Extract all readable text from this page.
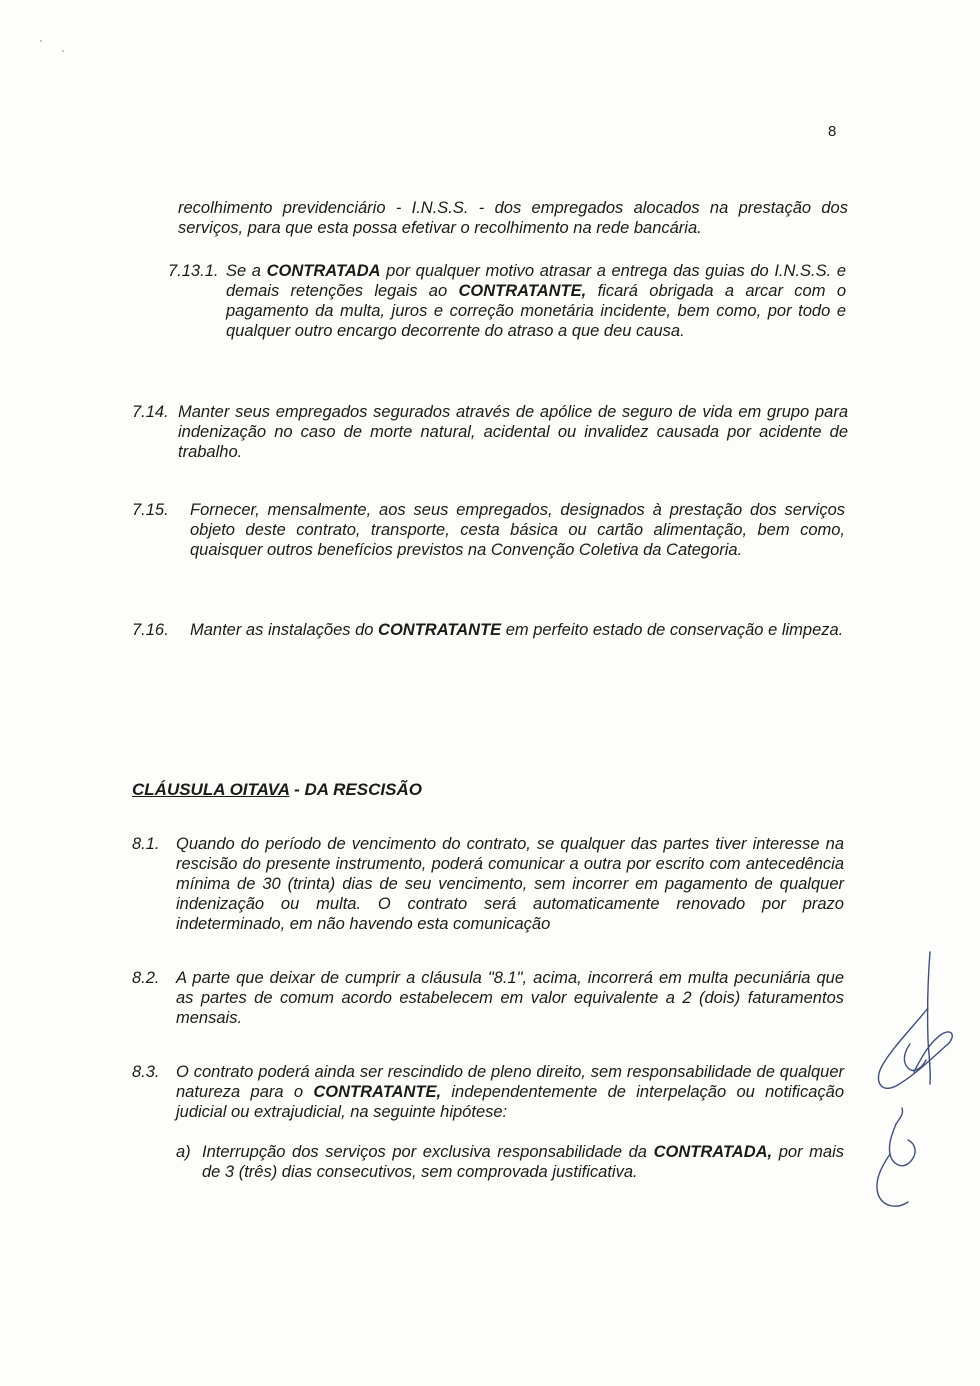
8
recolhimento previdenciário - I.N.S.S. - dos empregados alocados na prestação dos serviços, para que esta possa efetivar o recolhimento na rede bancária.
7.13.1. Se a CONTRATADA por qualquer motivo atrasar a entrega das guias do I.N.S.S. e demais retenções legais ao CONTRATANTE, ficará obrigada a arcar com o pagamento da multa, juros e correção monetária incidente, bem como, por todo e qualquer outro encargo decorrente do atraso a que deu causa.
7.14. Manter seus empregados segurados através de apólice de seguro de vida em grupo para indenização no caso de morte natural, acidental ou invalidez causada por acidente de trabalho.
7.15. Fornecer, mensalmente, aos seus empregados, designados à prestação dos serviços objeto deste contrato, transporte, cesta básica ou cartão alimentação, bem como, quaisquer outros benefícios previstos na Convenção Coletiva da Categoria.
7.16. Manter as instalações do CONTRATANTE em perfeito estado de conservação e limpeza.
CLÁUSULA OITAVA - DA RESCISÃO
8.1. Quando do período de vencimento do contrato, se qualquer das partes tiver interesse na rescisão do presente instrumento, poderá comunicar a outra por escrito com antecedência mínima de 30 (trinta) dias de seu vencimento, sem incorrer em pagamento de qualquer indenização ou multa. O contrato será automaticamente renovado por prazo indeterminado, em não havendo esta comunicação
8.2. A parte que deixar de cumprir a cláusula "8.1", acima, incorrerá em multa pecuniária que as partes de comum acordo estabelecem em valor equivalente a 2 (dois) faturamentos mensais.
8.3. O contrato poderá ainda ser rescindido de pleno direito, sem responsabilidade de qualquer natureza para o CONTRATANTE, independentemente de interpelação ou notificação judicial ou extrajudicial, na seguinte hipótese:
a) Interrupção dos serviços por exclusiva responsabilidade da CONTRATADA, por mais de 3 (três) dias consecutivos, sem comprovada justificativa.
